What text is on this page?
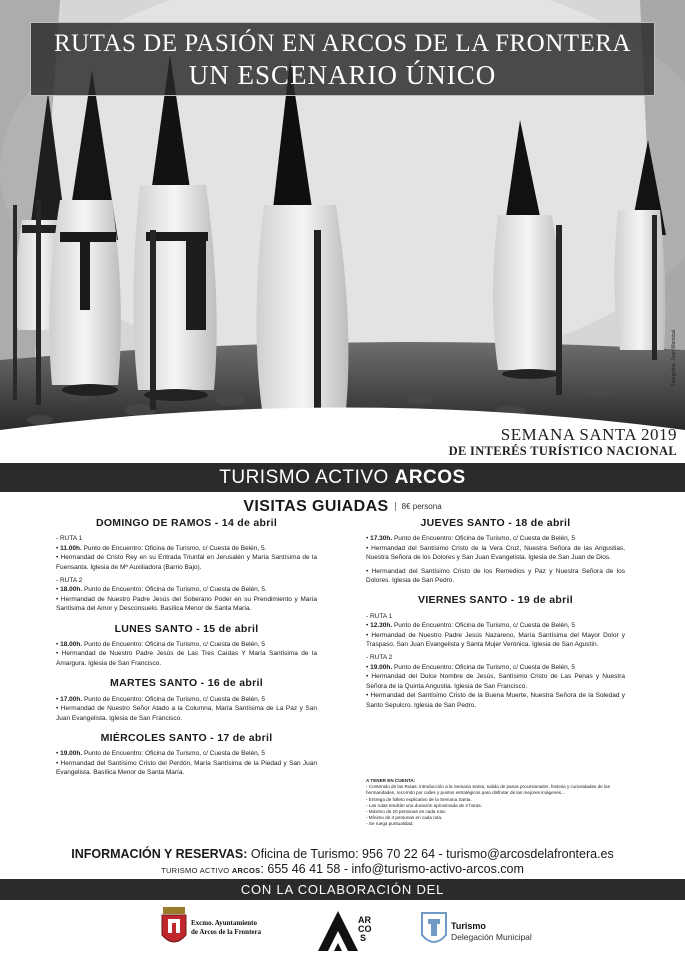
RUTAS DE PASIÓN EN ARCOS DE LA FRONTERA
UN ESCENARIO ÚNICO
Fotografía: Juan Marsical
SEMANA SANTA 2019
DE INTERÉS TURÍSTICO NACIONAL
TURISMO ACTIVO ARCOS
VISITAS GUIADAS 8€ persona
DOMINGO DE RAMOS - 14 de abril
- RUTA 1
• 11.00h. Punto de Encuentro: Oficina de Turismo, c/ Cuesta de Belén, 5.
• Hermandad de Cristo Rey en su Entrada Triunfal en Jerusalén y María Santísima de la Fuensanta. Iglesia de Mª Auxiliadora (Barrio Bajo).
- RUTA 2
• 18.00h. Punto de Encuentro: Oficina de Turismo, c/ Cuesta de Belén, 5.
• Hermandad de Nuestro Padre Jesús del Soberano Poder en su Prendimiento y María Santísima del Amor y Desconsuelo. Basílica Menor de Santa María.
LUNES SANTO - 15 de abril
• 18.00h. Punto de Encuentro: Oficina de Turismo, c/ Cuesta de Belén, 5
• Hermandad de Nuestro Padre Jesús de Las Tres Caídas Y María Santísima de la Amargura. Iglesia de San Francisco.
MARTES SANTO - 16 de abril
• 17.00h. Punto de Encuentro: Oficina de Turismo, c/ Cuesta de Belén, 5
• Hermandad de Nuestro Señor Atado a la Columna, María Santísima de La Paz y San Juan Evangelista. Iglesia de San Francisco.
MIÉRCOLES SANTO - 17 de abril
• 19.00h. Punto de Encuentro: Oficina de Turismo, c/ Cuesta de Belén, 5
• Hermandad del Santísimo Cristo del Perdón, María Santísima de la Piedad y San Juan Evangelista. Basílica Menor de Santa María.
JUEVES SANTO - 18 de abril
• 17.30h. Punto de Encuentro: Oficina de Turismo, c/ Cuesta de Belén, 5
• Hermandad del Santísimo Cristo de la Vera Cruz, Nuestra Señora de las Angustias, Nuestra Señora de los Dolores y San Juan Evangelista. Iglesia de San Juan de Dios.
• Hermandad del Santísimo Cristo de los Remedios y Paz y Nuestra Señora de los Dolores. Iglesia de San Pedro.
VIERNES SANTO - 19 de abril
- RUTA 1
• 12.30h. Punto de Encuentro: Oficina de Turismo, c/ Cuesta de Belén, 5
• Hermandad de Nuestro Padre Jesús Nazareno, María Santísima del Mayor Dolor y Traspaso, San Juan Evangelista y Santa Mujer Verónica. Iglesia de San Agustín.
- RUTA 2
• 19.00h. Punto de Encuentro: Oficina de Turismo, c/ Cuesta de Belén, 5
• Hermandad del Dulce Nombre de Jesús, Santísimo Cristo de Las Penas y Nuestra Señora de la Quinta Angustia. Iglesia de San Francisco.
• Hermandad del Santísimo Cristo de la Buena Muerte, Nuestra Señora de la Soledad y Santo Sepulcro. Iglesia de San Pedro.
A TENER EN CUENTA:
- Contenido de las Rutas: introducción a la Semana Santa, salida de pasos procesionales, historia y curiosidades de las hermandades, recorrido por calles y puntos estratégicos para disfrutar de las mejores imágenes...
- Entrega de folleto explicativo de la Semana Santa.
- Las rutas tendrán una duración aproximada de 2 horas.
- Máximo de 20 personas en cada ruta.
- Mínimo de 4 personas en cada ruta.
- Se ruega puntualidad.
INFORMACIÓN Y RESERVAS: Oficina de Turismo: 956 70 22 64 - turismo@arcosdelafrontera.es
TURISMO ACTIVO ARCOS: 655 46 41 58 - info@turismo-activo-arcos.com
CON LA COLABORACIÓN DEL
Excmo. Ayuntamiento
de Arcos de la Frontera
AR
CO
S
Turismo
Delegación Municipal
